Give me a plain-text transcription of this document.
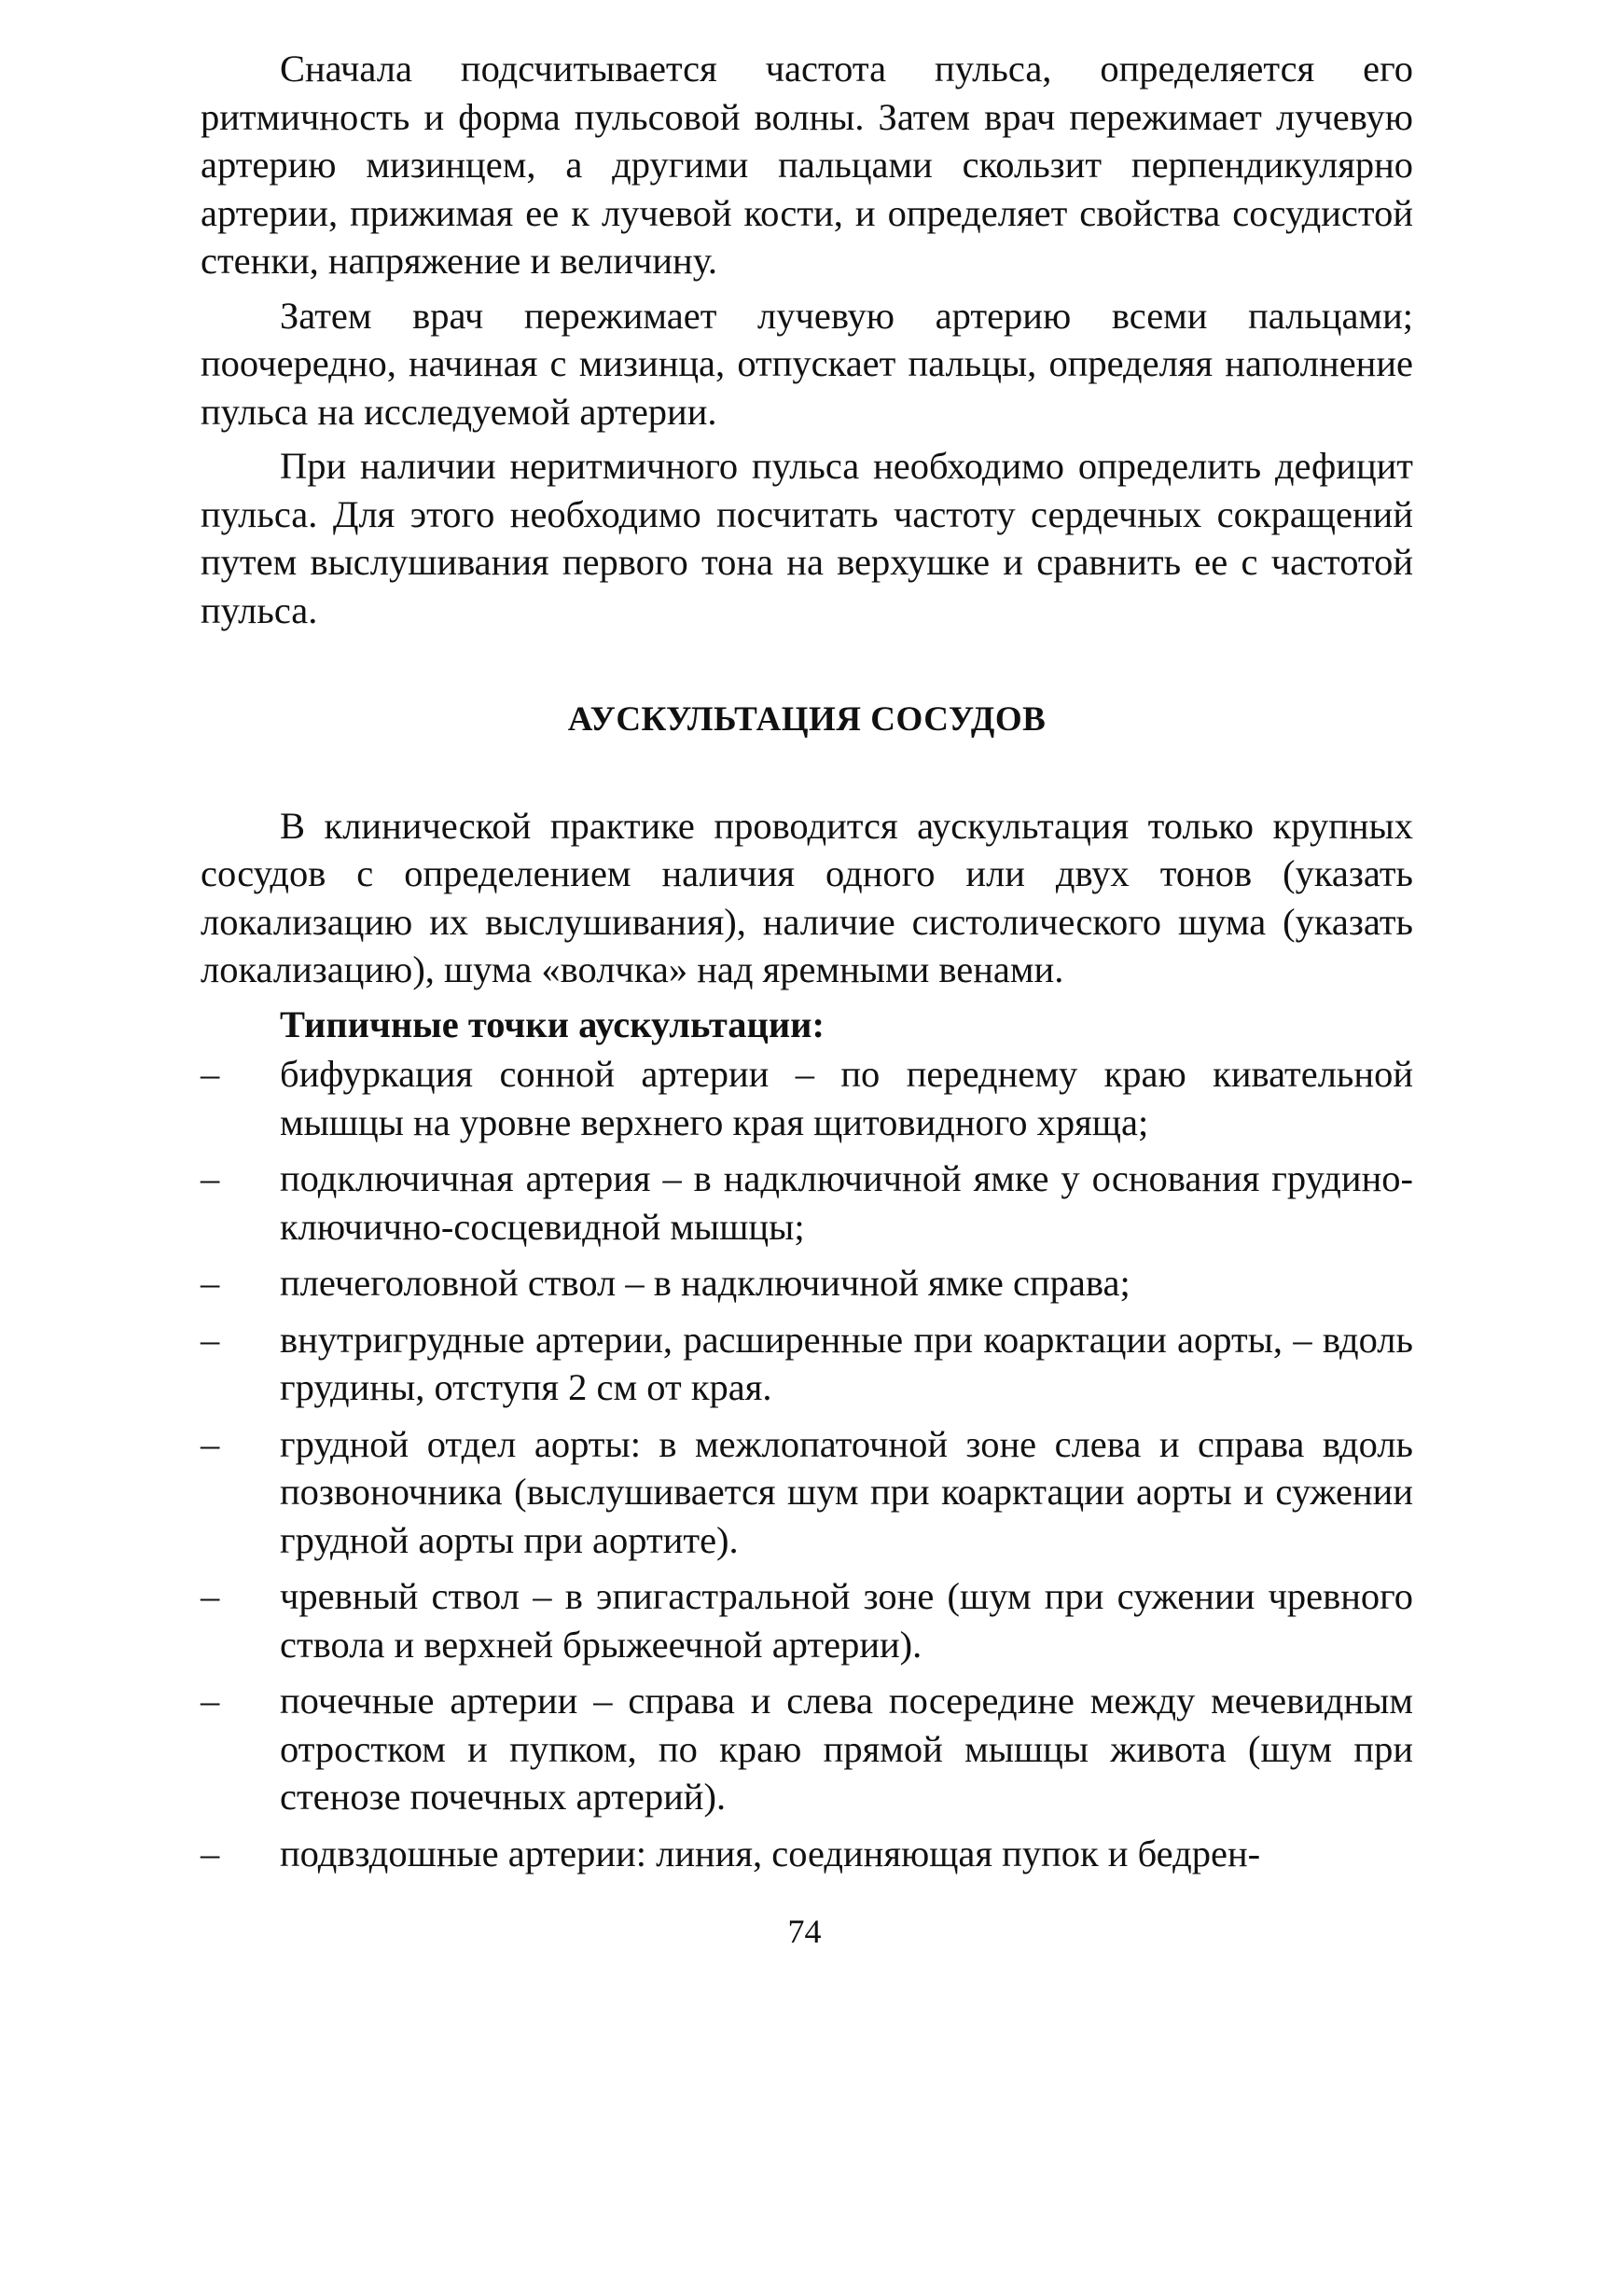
Сначала подсчитывается частота пульса, определяется его ритмичность и форма пульсовой волны. Затем врач пережимает лучевую артерию мизинцем, а другими пальцами скользит перпендикулярно артерии, прижимая ее к лучевой кости, и определяет свойства сосудистой стенки, напряжение и величину.

Затем врач пережимает лучевую артерию всеми пальцами; поочередно, начиная с мизинца, отпускает пальцы, определяя наполнение пульса на исследуемой артерии.

При наличии неритмичного пульса необходимо определить дефицит пульса. Для этого необходимо посчитать частоту сердечных сокращений путем выслушивания первого тона на верхушке и сравнить ее с частотой пульса.

АУСКУЛЬТАЦИЯ СОСУДОВ

В клинической практике проводится аускультация только крупных сосудов с определением наличия одного или двух тонов (указать локализацию их выслушивания), наличие систолического шума (указать локализацию), шума «волчка» над яремными венами.

Типичные точки аускультации:
– бифуркация сонной артерии – по переднему краю кивательной мышцы на уровне верхнего края щитовидного хряща;
– подключичная артерия – в надключичной ямке у основания грудино-ключично-сосцевидной мышцы;
– плечеголовной ствол – в надключичной ямке справа;
– внутригрудные артерии, расширенные при коарктации аорты, – вдоль грудины, отступя 2 см от края.
– грудной отдел аорты: в межлопаточной зоне слева и справа вдоль позвоночника (выслушивается шум при коарктации аорты и сужении грудной аорты при аортите).
– чревный ствол – в эпигастральной зоне (шум при сужении чревного ствола и верхней брыжеечной артерии).
– почечные артерии – справа и слева посередине между мечевидным отростком и пупком, по краю прямой мышцы живота (шум при стенозе почечных артерий).
– подвздошные артерии: линия, соединяющая пупок и бедрен-
74
